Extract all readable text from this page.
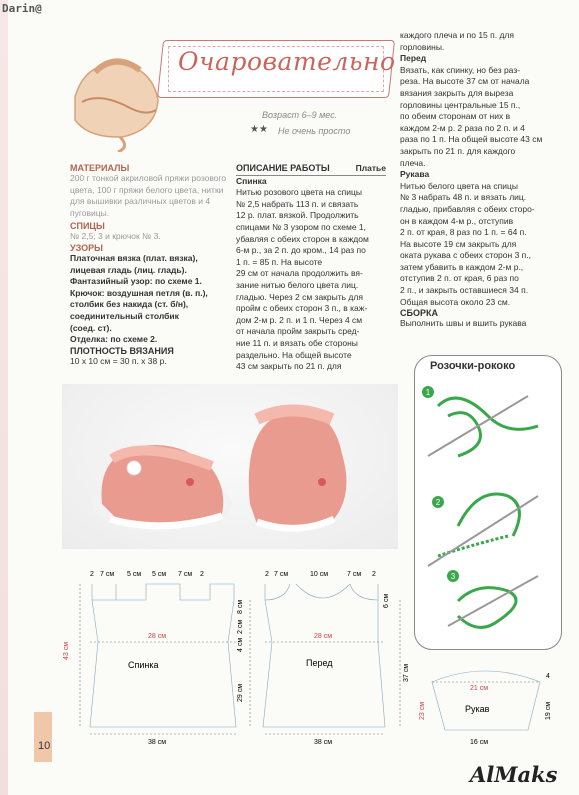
Darin@
Очаровательно
Возраст 6–9 мес.
★★ Не очень просто
МАТЕРИАЛЫ
200 г тонкой акриловой пряжи розового цвета, 100 г пряжи белого цвета, нитки для вышивки различных цветов и 4 пуговицы.
СПИЦЫ
№ 2,5; 3 и крючок № 3.
УЗОРЫ
Платочная вязка (плат. вязка),
лицевая гладь (лиц. гладь).
Фантазийный узор: по схеме 1.
Крючок: воздушная петля (в. п.),
столбик без накида (ст. б/н),
соединительный столбик
(соед. ст).
Отделка: по схеме 2.
ПЛОТНОСТЬ ВЯЗАНИЯ
10 х 10 см = 30 п. х 38 р.
ОПИСАНИЕ РАБОТЫ	Платье
Спинка
Нитью розового цвета на спицы
№ 2,5 набрать 113 п. и связать
12 р. плат. вязкой. Продолжить
спицами № 3 узором по схеме 1,
убавляя с обеих сторон в каждом
6-м р., за 2 п. до кром., 14 раз по
1 п. = 85 п. На высоте
29 см от начала продолжить вя-
зание нитью белого цвета лиц.
гладью. Через 2 см закрыть для
пройм с обеих сторон 3 п., в каж-
дом 2-м р. 2 п. и 1 п. Через 4 см
от начала пройм закрыть сред-
ние 11 п. и вязать обе стороны
раздельно. На общей высоте
43 см закрыть по 21 п. для
каждого плеча и по 15 п. для
горловины.
Перед
Вязать, как спинку, но без раз-
реза. На высоте 37 см от начала
вязания закрыть для выреза
горловины центральные 15 п.,
по обеим сторонам от них в
каждом 2-м р. 2 раза по 2 п. и 4
раза по 1 п. На общей высоте 43 см
закрыть по 21 п. для каждого
плеча.
Рукава
Нитью белого цвета на спицы
№ 3 набрать 48 п. и вязать лиц.
гладью, прибавляя с обеих сторо-
он в каждом 4-м р., отступив
2 п. от края, 8 раз по 1 п. = 64 п.
На высоте 19 см закрыть для
оката рукава с обеих сторон 3 п.,
затем убавить в каждом 2-м р.,
отступив 2 п. от края, 6 раз по
2 п., и закрыть оставшиеся 34 п.
Общая высота около 23 см.
СБОРКА
Выполнить швы и вшить рукава
Розочки-рококо
1
2
3
2 7 см 5 см 5 см 7 см 2
28 см
Спинка
38 см
43 см
29 см
4 см
2 см
8 см
2 7 см	10 см	7 см 2
28 см
Перед
38 см
37 см
6 см
21 см
Рукав
16 см
23 см	19 см
4
10
AlMaks
